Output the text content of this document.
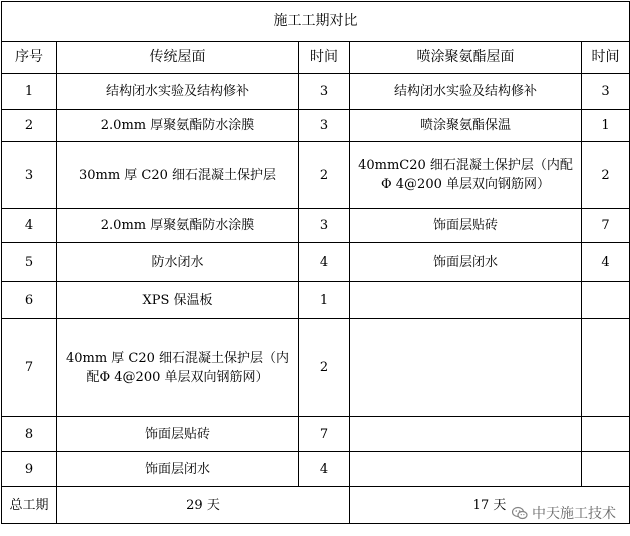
施工工期对比				
序号	传统屋面	时间	喷涂聚氨酯屋面	时间
1	结构闭水实验及结构修补	3	结构闭水实验及结构修补	3
2	2.0mm 厚聚氨酯防水涂膜	3	喷涂聚氨酯保温	1
3	30mm 厚 C20 细石混凝土保护层	2	40mmC20 细石混凝土保护层（内配Φ 4@200 单层双向钢筋网）	2
4	2.0mm 厚聚氨酯防水涂膜	3	饰面层贴砖	7
5	防水闭水	4	饰面层闭水	4
6	XPS 保温板	1		
7	40mm 厚 C20 细石混凝土保护层（内配Φ 4@200 单层双向钢筋网）	2		
8	饰面层贴砖	7		
9	饰面层闭水	4		
总工期	29 天		17 天	
中天施工技术
